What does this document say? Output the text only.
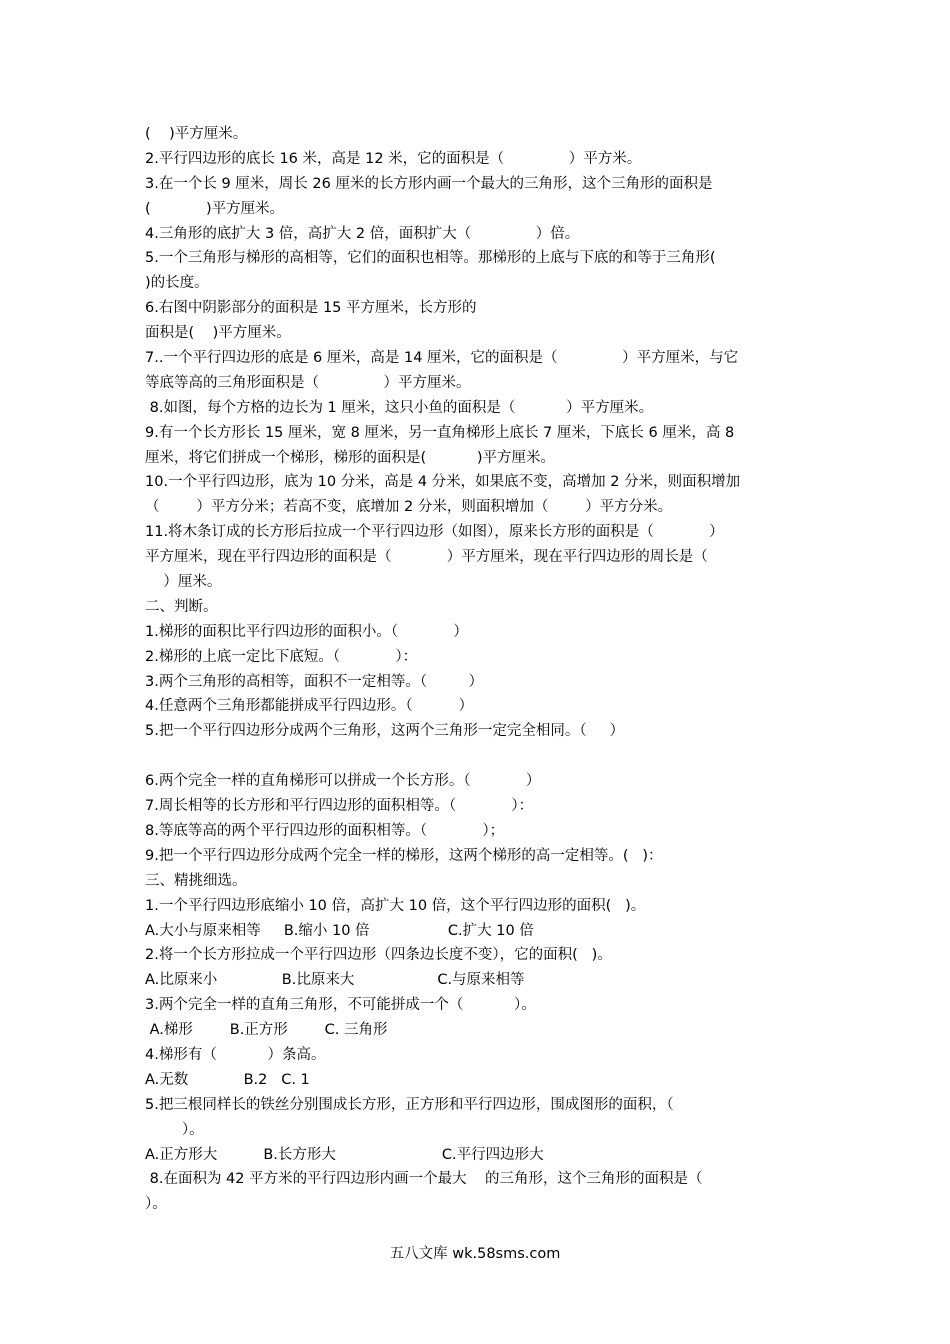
(    )平方厘米。
2.平行四边形的底长 16 米，高是 12 米，它的面积是（              ）平方米。
3.在一个长 9 厘米，周长 26 厘米的长方形内画一个最大的三角形，这个三角形的面积是
(            )平方厘米。
4.三角形的底扩大 3 倍，高扩大 2 倍，面积扩大（              ）倍。
5.一个三角形与梯形的高相等，它们的面积也相等。那梯形的上底与下底的和等于三角形(
)的长度。
6.右图中阴影部分的面积是 15 平方厘米，长方形的
面积是(    )平方厘米。
7..一个平行四边形的底是 6 厘米，高是 14 厘米，它的面积是（              ）平方厘米，与它
等底等高的三角形面积是（              ）平方厘米。
8.如图，每个方格的边长为 1 厘米，这只小鱼的面积是（           ）平方厘米。
9.有一个长方形长 15 厘米，宽 8 厘米，另一直角梯形上底长 7 厘米，下底长 6 厘米，高 8
厘米，将它们拼成一个梯形，梯形的面积是(           )平方厘米。
10.一个平行四边形，底为 10 分米，高是 4 分米，如果底不变，高增加 2 分米，则面积增加
（        ）平方分米；若高不变，底增加 2 分米，则面积增加（        ）平方分米。
11.将木条订成的长方形后拉成一个平行四边形（如图），原来长方形的面积是（            ）
平方厘米，现在平行四边形的面积是（            ）平方厘米，现在平行四边形的周长是（
）厘米。
二、判断。
1.梯形的面积比平行四边形的面积小。（            ）
2.梯形的上底一定比下底短。（            ）：
3.两个三角形的高相等，面积不一定相等。（         ）
4.任意两个三角形都能拼成平行四边形。（          ）
5.把一个平行四边形分成两个三角形，这两个三角形一定完全相同。（     ）
6.两个完全一样的直角梯形可以拼成一个长方形。（            ）
7.周长相等的长方形和平行四边形的面积相等。（            ）：
8.等底等高的两个平行四边形的面积相等。（            ）；
9.把一个平行四边形分成两个完全一样的梯形，这两个梯形的高一定相等。(   )：
三、精挑细选。
1.一个平行四边形底缩小 10 倍，高扩大 10 倍，这个平行四边形的面积(   )。
A.大小与原来相等     B.缩小 10 倍                 C.扩大 10 倍
2.将一个长方形拉成一个平行四边形（四条边长度不变），它的面积(   )。
A.比原来小              B.比原来大                  C.与原来相等
3.两个完全一样的直角三角形，不可能拼成一个（           ）。
A.梯形        B.正方形        C. 三角形
4.梯形有（           ）条高。
A.无数            B.2   C. 1
5.把三根同样长的铁丝分别围成长方形，正方形和平行四边形，围成图形的面积，（
）。
A.正方形大          B.长方形大                       C.平行四边形大
8.在面积为 42 平方米的平行四边形内画一个最大    的三角形，这个三角形的面积是（
）。
五八文库 wk.58sms.com
